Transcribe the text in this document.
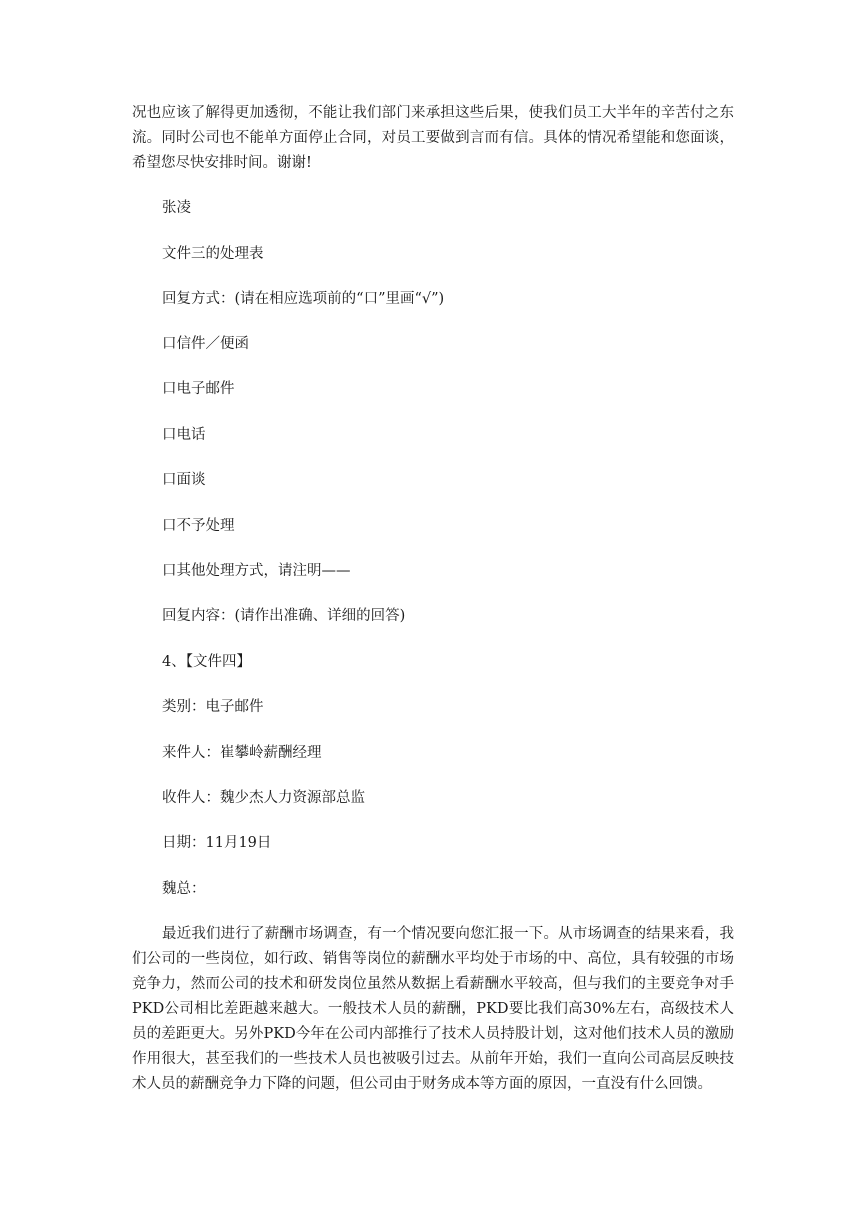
况也应该了解得更加透彻，不能让我们部门来承担这些后果，使我们员工大半年的辛苦付之东流。同时公司也不能单方面停止合同，对员工要做到言而有信。具体的情况希望能和您面谈，希望您尽快安排时间。谢谢!

张凌

文件三的处理表

回复方式：(请在相应选项前的“口”里画“√”)

口信件／便函

口电子邮件

口电话

口面谈

口不予处理

口其他处理方式，请注明——

回复内容：(请作出准确、详细的回答)

4、【文件四】

类别：电子邮件

来件人：崔攀岭薪酬经理

收件人：魏少杰人力资源部总监

日期：11月19日

魏总：

最近我们进行了薪酬市场调查，有一个情况要向您汇报一下。从市场调查的结果来看，我们公司的一些岗位，如行政、销售等岗位的薪酬水平均处于市场的中、高位，具有较强的市场竞争力，然而公司的技术和研发岗位虽然从数据上看薪酬水平较高，但与我们的主要竞争对手PKD公司相比差距越来越大。一般技术人员的薪酬，PKD要比我们高30%左右，高级技术人员的差距更大。另外PKD今年在公司内部推行了技术人员持股计划，这对他们技术人员的激励作用很大，甚至我们的一些技术人员也被吸引过去。从前年开始，我们一直向公司高层反映技术人员的薪酬竞争力下降的问题，但公司由于财务成本等方面的原因，一直没有什么回馈。
